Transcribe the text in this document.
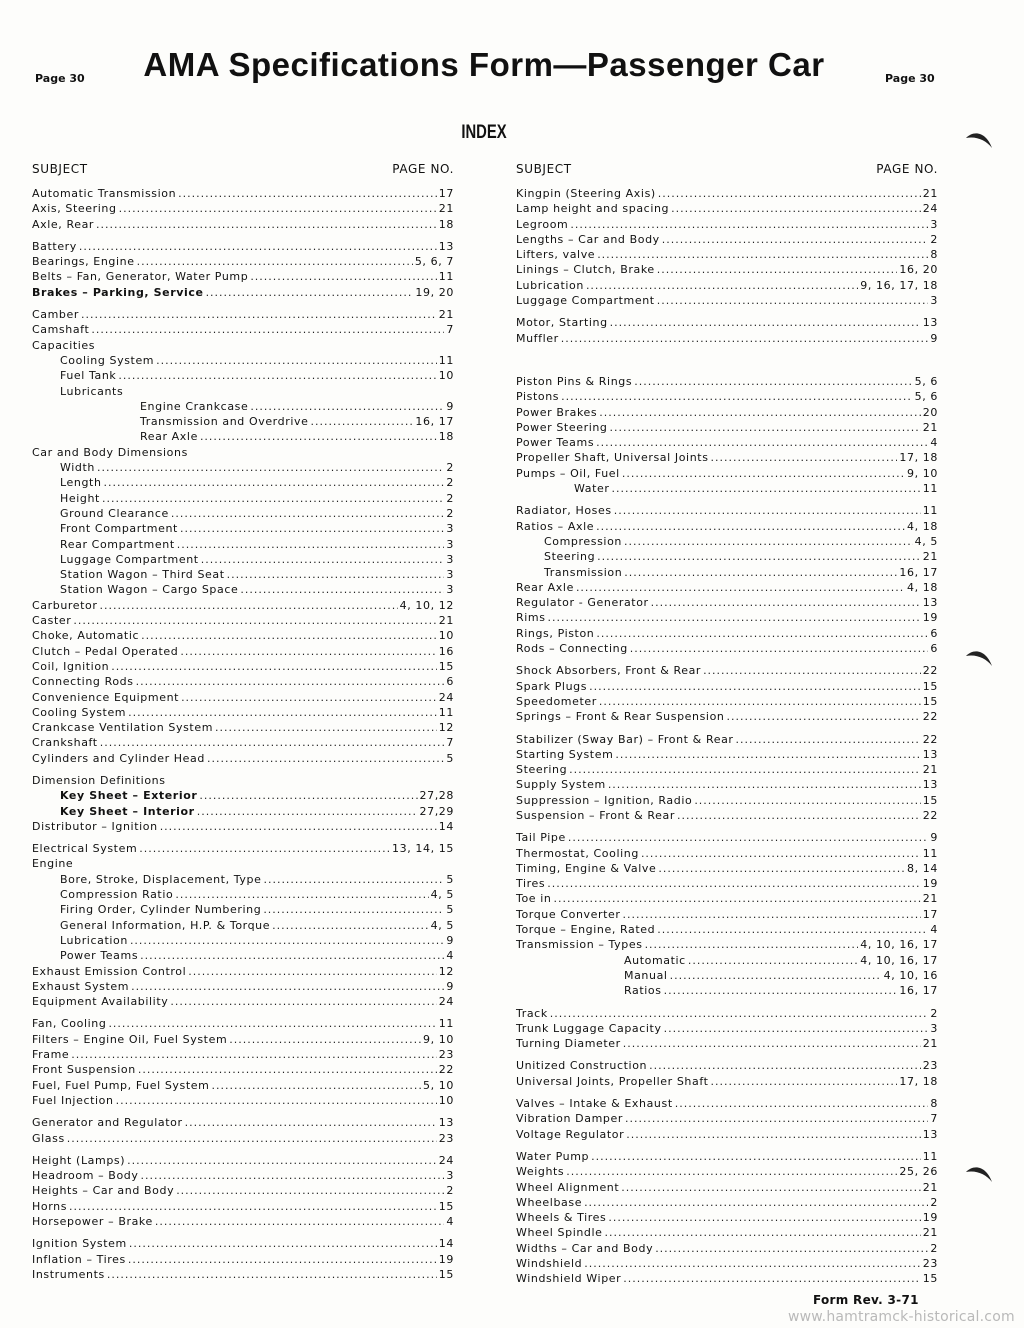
Page 30	AMA Specifications Form—Passenger Car	Page 30
INDEX
SUBJECT	PAGE NO.
Automatic Transmission .....	17
Axis, Steering .....	21
Axle, Rear .....	18
Battery .....	13
Bearings, Engine .....	5, 6, 7
Belts – Fan, Generator, Water Pump .....	11
Brakes – Parking, Service .....	19, 20
Camber .....	21
Camshaft .....	7
Capacities
Cooling System .....	11
Fuel Tank .....	10
Lubricants
Engine Crankcase .....	9
Transmission and Overdrive .....	16, 17
Rear Axle .....	18
Car and Body Dimensions
Width .....	2
Length .....	2
Height .....	2
Ground Clearance .....	2
Front Compartment .....	3
Rear Compartment .....	3
Luggage Compartment .....	3
Station Wagon – Third Seat .....	3
Station Wagon – Cargo Space .....	3
Carburetor .....	4, 10, 12
Caster .....	21
Choke, Automatic .....	10
Clutch – Pedal Operated .....	16
Coil, Ignition .....	15
Connecting Rods .....	6
Convenience Equipment .....	24
Cooling System .....	11
Crankcase Ventilation System .....	12
Crankshaft .....	7
Cylinders and Cylinder Head .....	5
Dimension Definitions
Key Sheet – Exterior .....	27,28
Key Sheet – Interior .....	27,29
Distributor – Ignition .....	14
Electrical System .....	13, 14, 15
Engine
Bore, Stroke, Displacement, Type .....	5
Compression Ratio .....	4, 5
Firing Order, Cylinder Numbering .....	5
General Information, H.P. & Torque .....	4, 5
Lubrication .....	9
Power Teams .....	4
Exhaust Emission Control .....	12
Exhaust System .....	9
Equipment Availability .....	24
Fan, Cooling .....	11
Filters – Engine Oil, Fuel System .....	9, 10
Frame .....	23
Front Suspension .....	22
Fuel, Fuel Pump, Fuel System .....	5, 10
Fuel Injection .....	10
Generator and Regulator .....	13
Glass .....	23
Height (Lamps) .....	24
Headroom – Body .....	3
Heights – Car and Body .....	2
Horns .....	15
Horsepower – Brake .....	4
Ignition System .....	14
Inflation – Tires .....	19
Instruments .....	15
SUBJECT	PAGE NO.
Kingpin (Steering Axis) .....	21
Lamp height and spacing .....	24
Legroom .....	3
Lengths – Car and Body .....	2
Lifters, valve .....	8
Linings – Clutch, Brake .....	16, 20
Lubrication .....	9, 16, 17, 18
Luggage Compartment .....	3
Motor, Starting .....	13
Muffler .....	9
Piston Pins & Rings .....	5, 6
Pistons .....	5, 6
Power Brakes .....	20
Power Steering .....	21
Power Teams .....	4
Propeller Shaft, Universal Joints .....	17, 18
Pumps – Oil, Fuel .....	9, 10
Water .....	11
Radiator, Hoses .....	11
Ratios – Axle .....	4, 18
Compression .....	4, 5
Steering .....	21
Transmission .....	16, 17
Rear Axle .....	4, 18
Regulator - Generator .....	13
Rims .....	19
Rings, Piston .....	6
Rods – Connecting .....	6
Shock Absorbers, Front & Rear .....	22
Spark Plugs .....	15
Speedometer .....	15
Springs – Front & Rear Suspension .....	22
Stabilizer (Sway Bar) – Front & Rear .....	22
Starting System .....	13
Steering .....	21
Supply System .....	13
Suppression – Ignition, Radio .....	15
Suspension – Front & Rear .....	22
Tail Pipe .....	9
Thermostat, Cooling .....	11
Timing, Engine & Valve .....	8, 14
Tires .....	19
Toe in .....	21
Torque Converter .....	17
Torque – Engine, Rated .....	4
Transmission – Types .....	4, 10, 16, 17
Automatic .....	4, 10, 16, 17
Manual .....	4, 10, 16
Ratios .....	16, 17
Track .....	2
Trunk Luggage Capacity .....	3
Turning Diameter .....	21
Unitized Construction .....	23
Universal Joints, Propeller Shaft .....	17, 18
Valves – Intake & Exhaust .....	8
Vibration Damper .....	7
Voltage Regulator .....	13
Water Pump .....	11
Weights .....	25, 26
Wheel Alignment .....	21
Wheelbase .....	2
Wheels & Tires .....	19
Wheel Spindle .....	21
Widths – Car and Body .....	2
Windshield .....	23
Windshield Wiper .....	15
Form Rev. 3-71
www.hamtramck-historical.com
